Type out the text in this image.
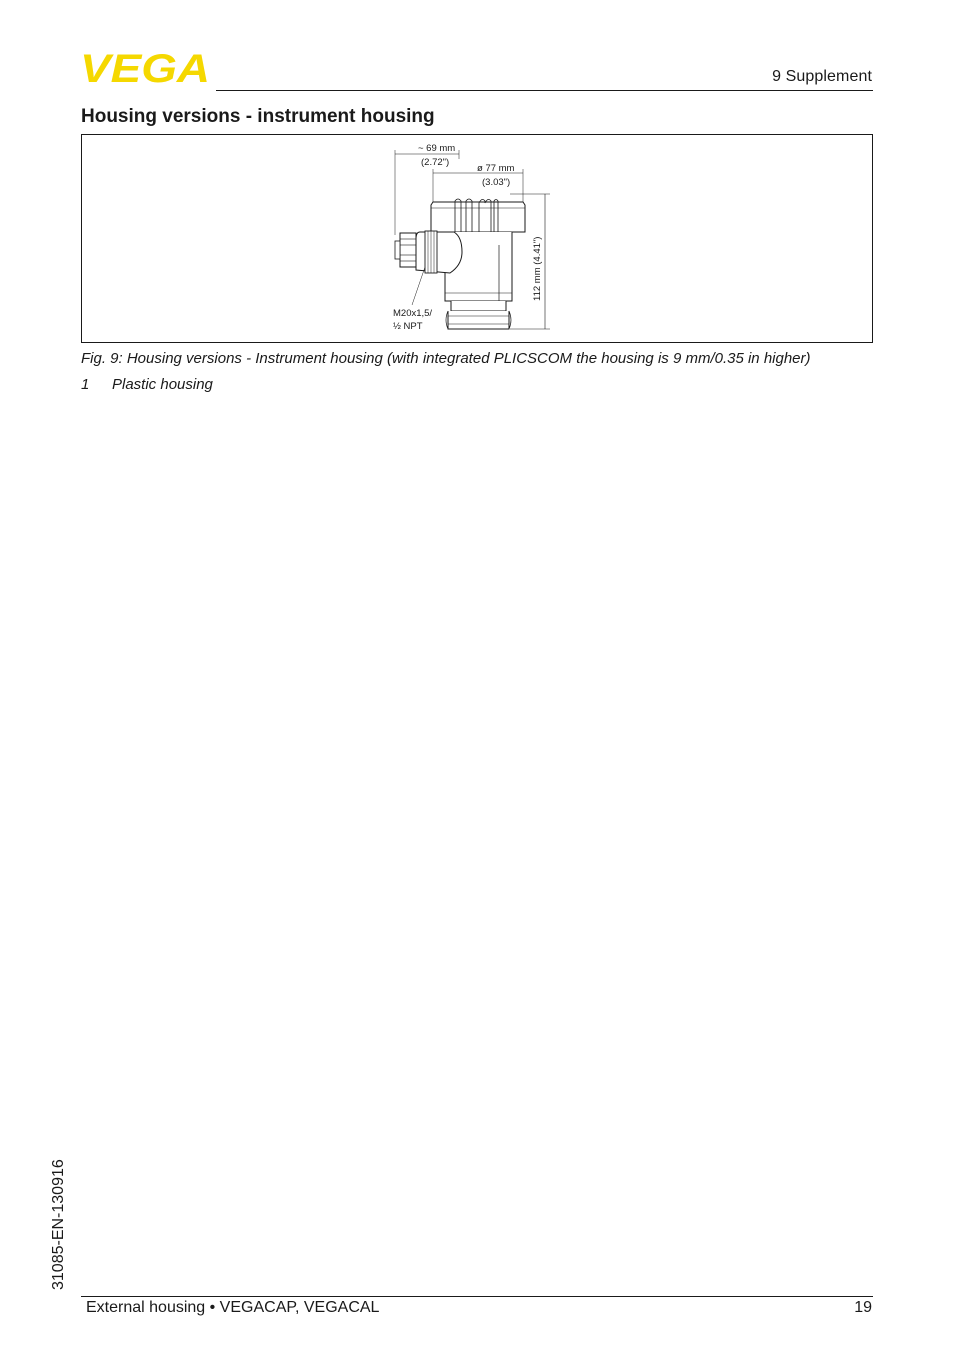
VEGA	9 Supplement
Housing versions - instrument housing
~ 69 mm
(2.72")
ø 77 mm
(3.03")
112 mm (4.41")
M20x1,5/
½ NPT
Fig. 9: Housing versions - Instrument housing (with integrated PLICSCOM the housing is 9 mm/0.35 in higher)
1 Plastic housing
31085-EN-130916
External housing • VEGACAP, VEGACAL	19
